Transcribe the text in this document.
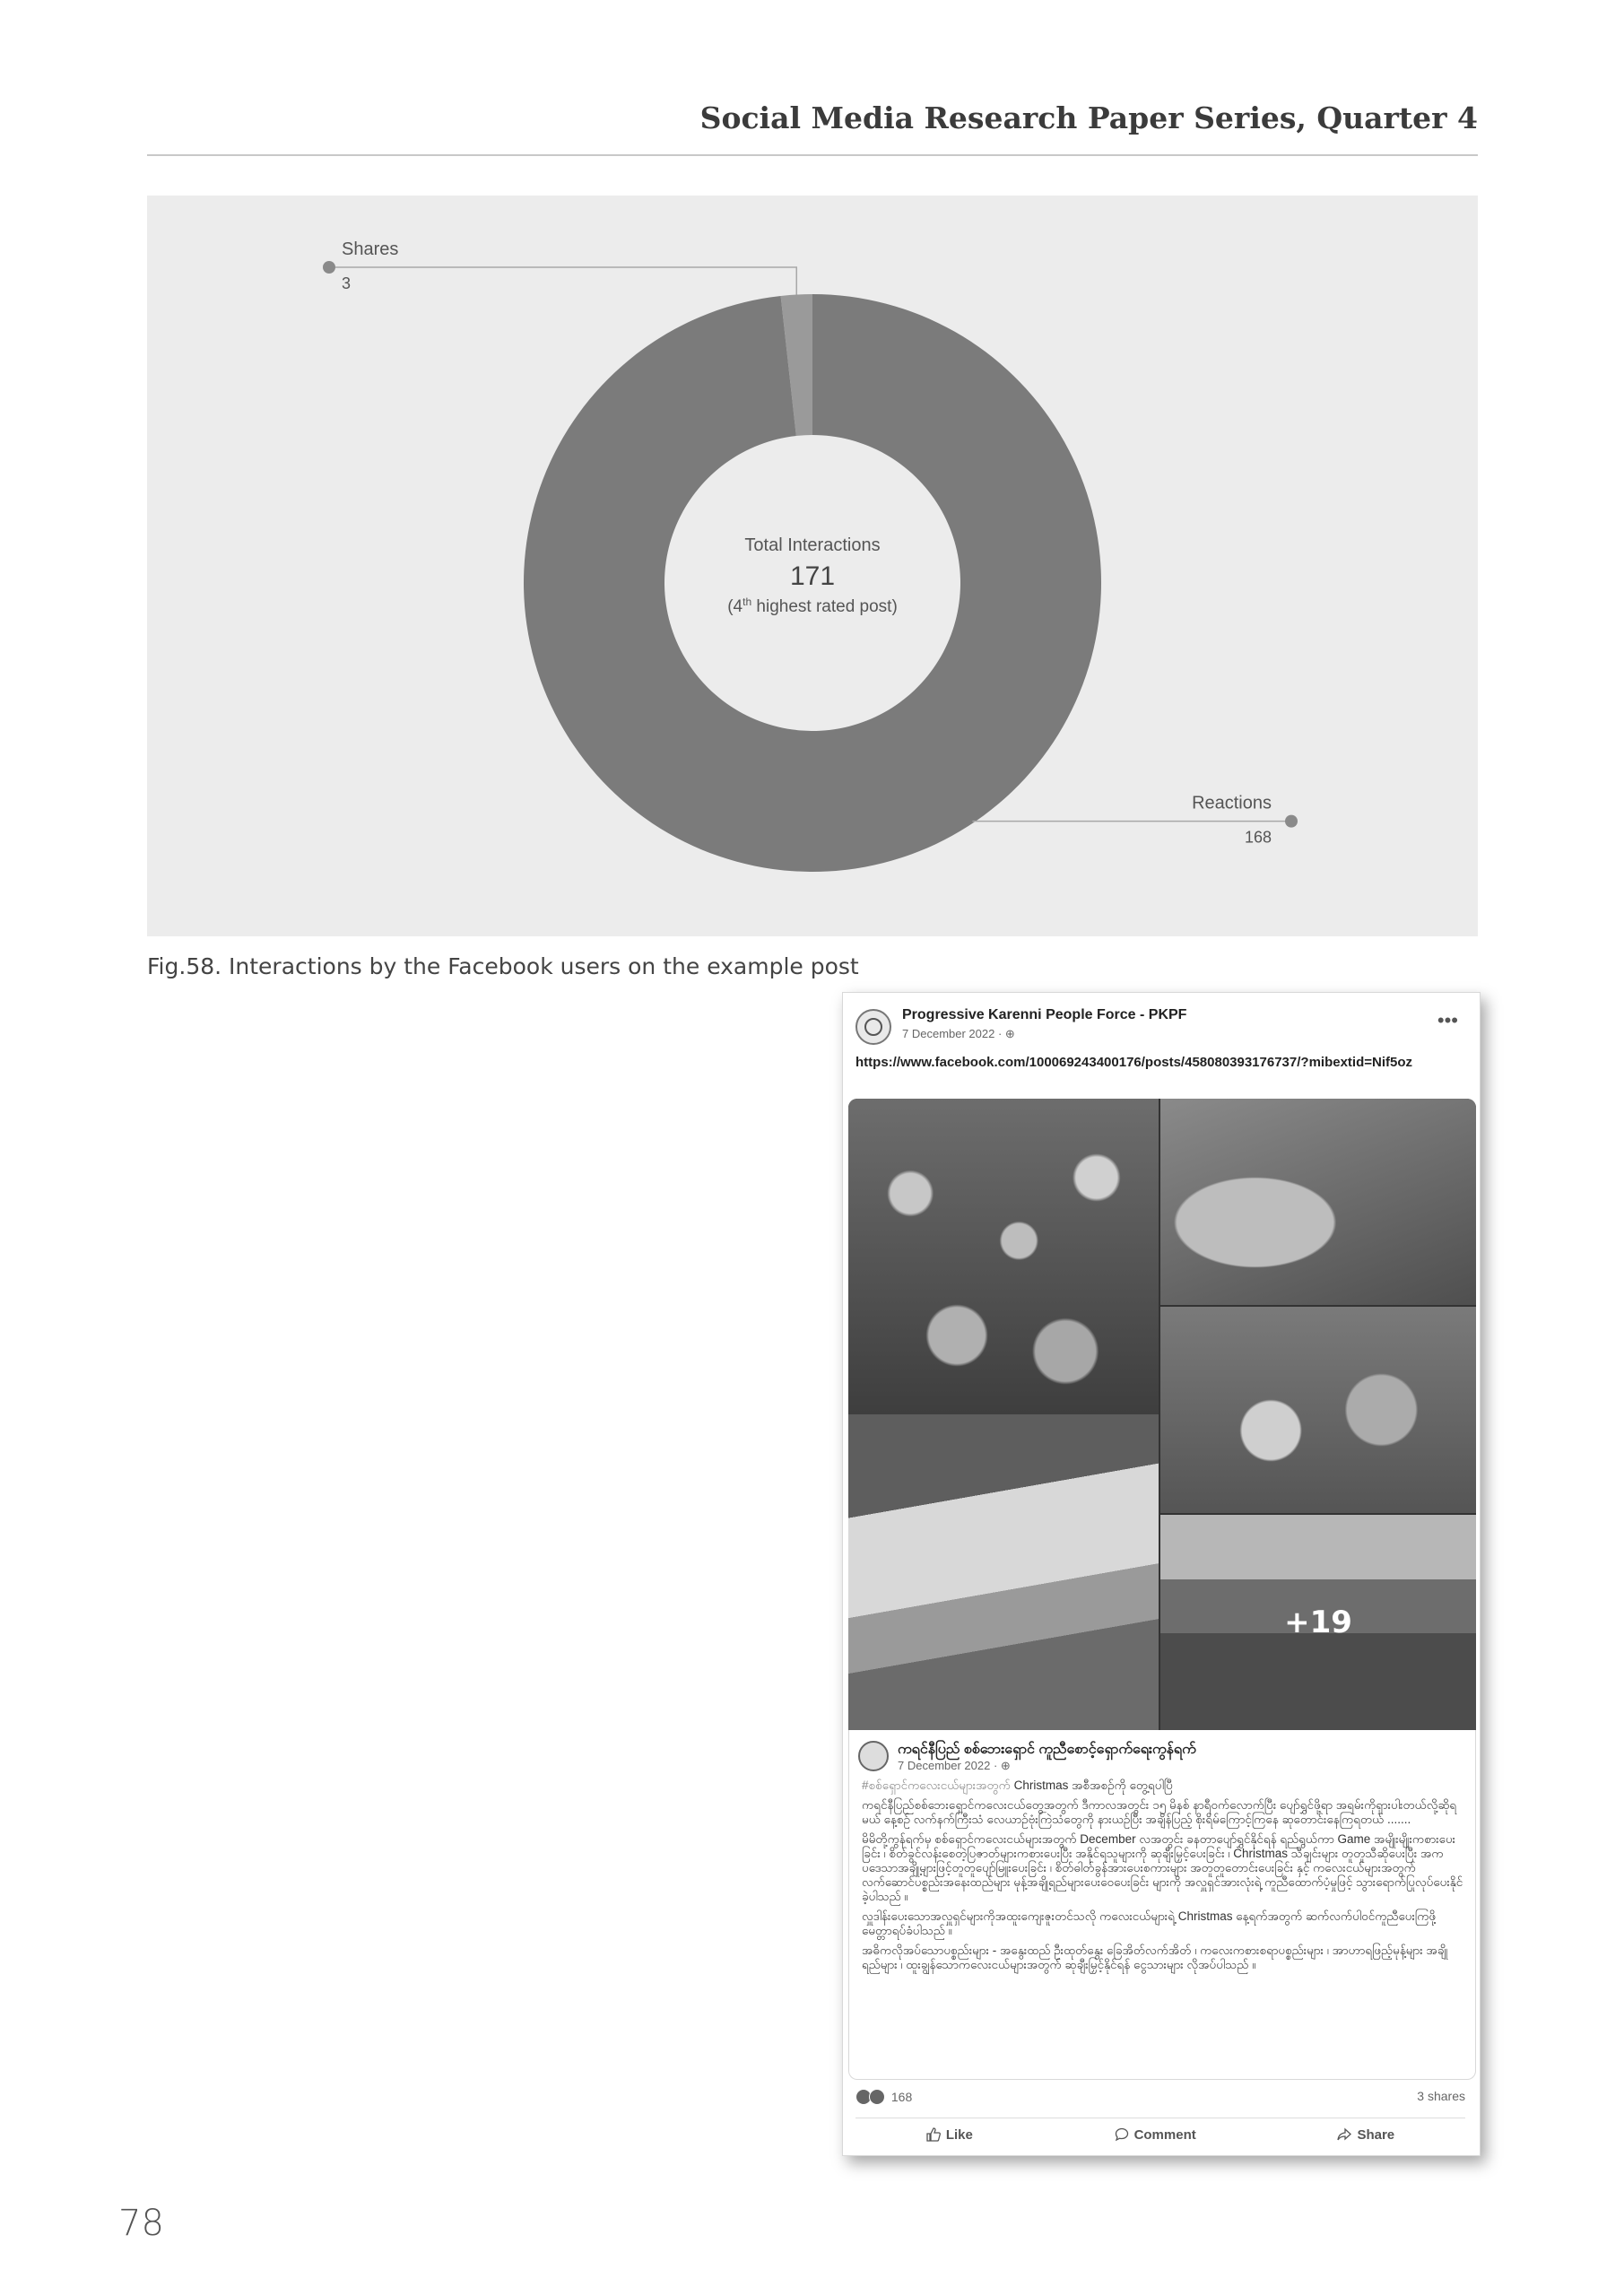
Social Media Research Paper Series, Quarter 4
Shares
3
Reactions
168
Total Interactions
171
(4th highest rated post)
Fig.58. Interactions by the Facebook users on the example post
Progressive Karenni People Force - PKPF
7 December 2022 · ⊕
•••
https://www.facebook.com/100069243400176/posts/458080393176737/?mibextid=Nif5oz
+19
ကရင်နီပြည် စစ်ဘေးရှောင် ကူညီစောင့်ရှောက်ရေးကွန်ရက်
7 December 2022 · ⊕

#စစ်ရှောင်ကလေးငယ်များအတွက် Christmas အစီအစဉ်ကို တွေ့ရပါပြီ

ကရင်နီပြည်စစ်ဘေးရှောင်ကလေးငယ်တွေအတွက် ဒီကာလအတွင်း ၁၅ မိနစ် နာရီဝက်လောက်ပြီး ပျော်ရွှင်ဖို့ရာ အရမ်းကိုရှားပါးတယ်လို့ဆိုရမယ် နေ့စဉ် လက်နက်ကြီးသံ လေယာဉ်ဗုံးကြဲသံတွေကို နားယဉ်ပြီး အချိန်ပြည့် စိုးရိမ်ကြောင့်ကြနေ ဆုတောင်းနေကြရတယ် .......

မိမိတို့ကွန်ရက်မှ စစ်ရှောင်ကလေးငယ်များအတွက် December လအတွင်း ခနတာပျော်ရွှင်နိုင်ရန် ရည်ရွယ်ကာ Game အမျိုးမျိုးကစားပေးခြင်း ၊ စိတ်ခွင်လန်းစေတဲ့ပြဇာတ်များကစားပေးပြီး အနိုင်ရသူများကို ဆုချီးမြှင့်ပေးခြင်း ၊ Christmas သီချင်းများ တူတူသီဆိုပေးပြီး အကပဒေသာအချို့များဖြင့်တူတူပျော်မြူးပေးခြင်း ၊ စိတ်ဓါတ်ခွန်အားပေးစကားများ အတူတူတောင်းပေးခြင်း နှင့် ကလေးငယ်များအတွက် လက်ဆောင်ပစ္စည်းအနေးထည်များ မုန့်အချို့ရည်များပေးဝေပေးခြင်း များကို အလှူရှင်အားလုံးရဲ့ ကူညီထောက်ပံ့မှုဖြင့် သွားရောက်ပြုလုပ်ပေးနိုင်ခဲ့ပါသည် ။

လှူဒါန်းပေးသောအလှူရှင်များကိုအထူးကျေးဇူးတင်သလို ကလေးငယ်များရဲ့ Christmas နေ့ရက်အတွက် ဆက်လက်ပါဝင်ကူညီပေးကြဖို့ မေတ္တာရပ်ခံပါသည် ။

အဓိကလိုအပ်သောပစ္စည်းများ - အနွေးထည် ဦးထုတ်နွေး ခြေအိတ်လက်အိတ် ၊ ကလေးကစားစရာပစ္စည်းများ ၊ အာဟာရဖြည့်မုန့်များ အချိုရည်များ ၊ ထူးချွန်သောကလေးငယ်များအတွက် ဆုချီးမြှင့်နိုင်ရန် ငွေသားများ လိုအပ်ပါသည် ။

168	3 shares
Like	Comment	Share
78
